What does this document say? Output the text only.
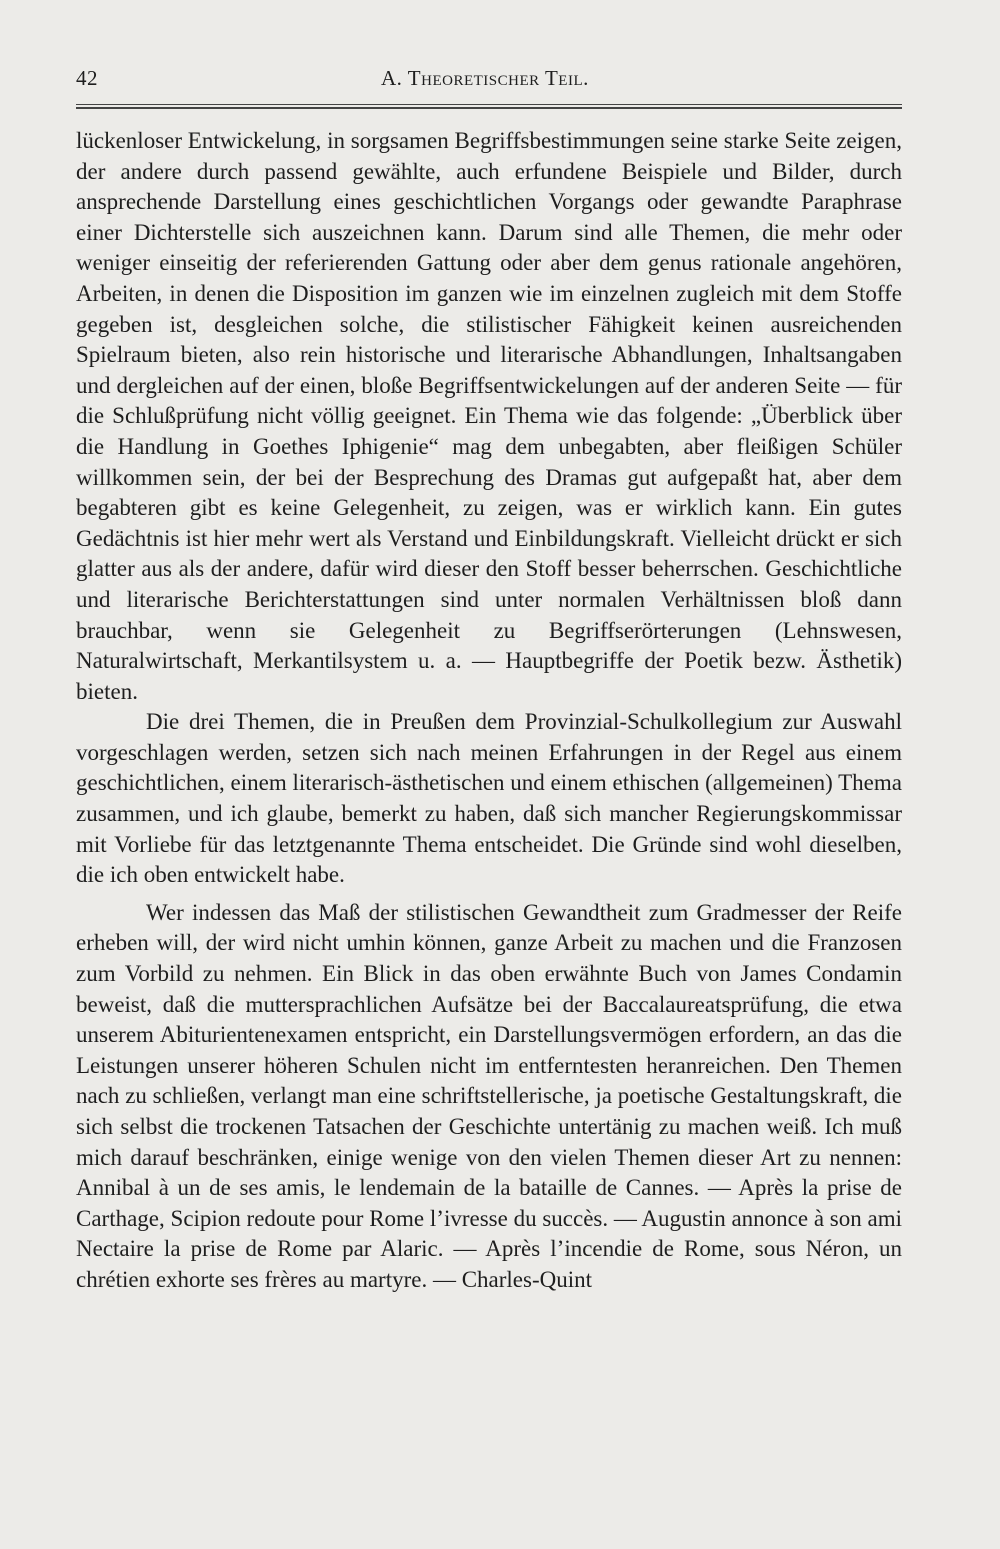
42	A. Theoretischer Teil.

lückenloser Entwickelung, in sorgsamen Begriffsbestimmungen seine starke Seite zeigen, der andere durch passend gewählte, auch erfundene Beispiele und Bilder, durch ansprechende Darstellung eines geschichtlichen Vorgangs oder gewandte Paraphrase einer Dichterstelle sich auszeichnen kann. Darum sind alle Themen, die mehr oder weniger einseitig der referierenden Gattung oder aber dem genus rationale angehören, Arbeiten, in denen die Disposition im ganzen wie im einzelnen zugleich mit dem Stoffe gegeben ist, desgleichen solche, die stilistischer Fähigkeit keinen ausreichenden Spielraum bieten, also rein historische und literarische Abhandlungen, Inhaltsangaben und dergleichen auf der einen, bloße Begriffsentwickelungen auf der anderen Seite — für die Schlußprüfung nicht völlig geeignet. Ein Thema wie das folgende: „Überblick über die Handlung in Goethes Iphigenie“ mag dem unbegabten, aber fleißigen Schüler willkommen sein, der bei der Besprechung des Dramas gut aufgepaßt hat, aber dem begabteren gibt es keine Gelegenheit, zu zeigen, was er wirklich kann. Ein gutes Gedächtnis ist hier mehr wert als Verstand und Einbildungskraft. Vielleicht drückt er sich glatter aus als der andere, dafür wird dieser den Stoff besser beherrschen. Geschichtliche und literarische Berichterstattungen sind unter normalen Verhältnissen bloß dann brauchbar, wenn sie Gelegenheit zu Begriffserörterungen (Lehnswesen, Naturalwirtschaft, Merkantilsystem u. a. — Hauptbegriffe der Poetik bezw. Ästhetik) bieten.

Die drei Themen, die in Preußen dem Provinzial-Schulkollegium zur Auswahl vorgeschlagen werden, setzen sich nach meinen Erfahrungen in der Regel aus einem geschichtlichen, einem literarisch-ästhetischen und einem ethischen (allgemeinen) Thema zusammen, und ich glaube, bemerkt zu haben, daß sich mancher Regierungskommissar mit Vorliebe für das letztgenannte Thema entscheidet. Die Gründe sind wohl dieselben, die ich oben entwickelt habe.

Wer indessen das Maß der stilistischen Gewandtheit zum Gradmesser der Reife erheben will, der wird nicht umhin können, ganze Arbeit zu machen und die Franzosen zum Vorbild zu nehmen. Ein Blick in das oben erwähnte Buch von James Condamin beweist, daß die muttersprachlichen Aufsätze bei der Baccalaureatsprüfung, die etwa unserem Abiturientenexamen entspricht, ein Darstellungsvermögen erfordern, an das die Leistungen unserer höheren Schulen nicht im entferntesten heranreichen. Den Themen nach zu schließen, verlangt man eine schriftstellerische, ja poetische Gestaltungskraft, die sich selbst die trockenen Tatsachen der Geschichte untertänig zu machen weiß. Ich muß mich darauf beschränken, einige wenige von den vielen Themen dieser Art zu nennen: Annibal à un de ses amis, le lendemain de la bataille de Cannes. — Après la prise de Carthage, Scipion redoute pour Rome l’ivresse du succès. — Augustin annonce à son ami Nectaire la prise de Rome par Alaric. — Après l’incendie de Rome, sous Néron, un chrétien exhorte ses frères au martyre. — Charles-Quint
